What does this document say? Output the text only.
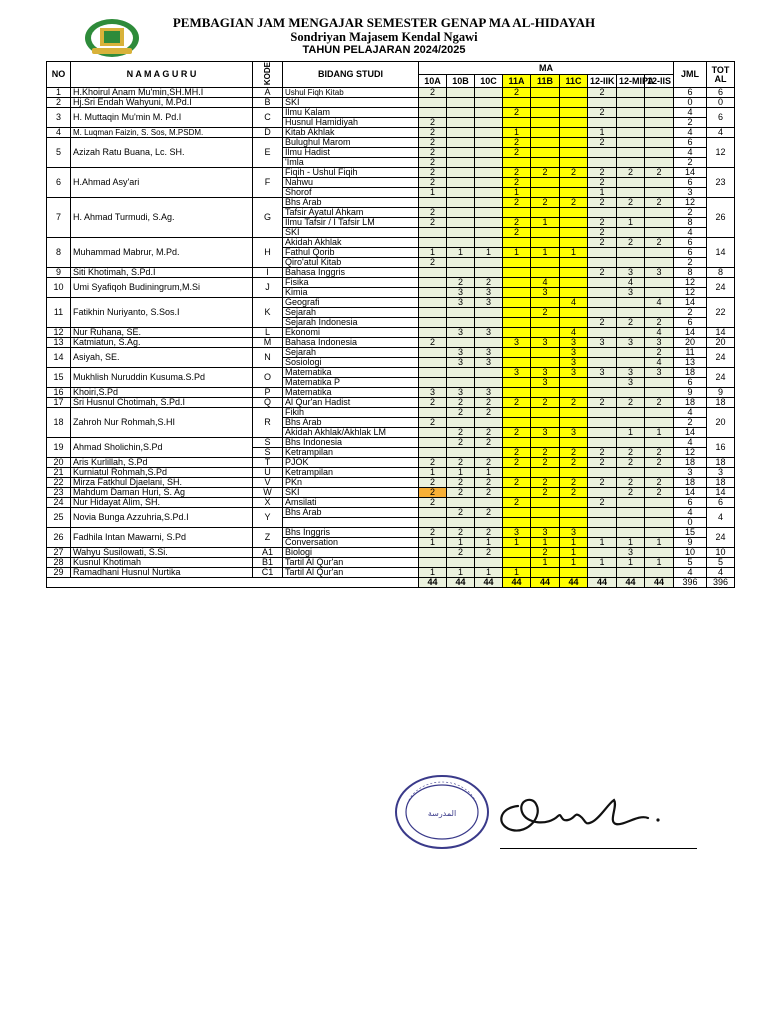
PEMBAGIAN JAM MENGAJAR SEMESTER GENAP MA AL-HIDAYAH
Sondriyan Majasem Kendal Ngawi
TAHUN PELAJARAN 2024/2025
NO	N A M A G U R U	KODE	BIDANG STUDI	MA									JML	TOT AL
				10A	10B	10C	11A	11B	11C	12-IIK	12-MIPA	12-IIS		
1	H.Khoirul Anam Mu'min,SH.MH.I	A	Ushul Fiqh Kitab	2			2			2			6	6
2	Hj.Sri Endah Wahyuni, M.Pd.I	B	SKI										0	0
3	H. Muttaqin Mu'min M. Pd.I	C	Ilmu Kalam				2			2			4	6
			Husnul Hamidiyah	2									2	
4	M. Luqman Faizin, S. Sos, M.PSDM.	D	Kitab Akhlak	2			1			1			4	4
5	Azizah Ratu Buana, Lc. SH.	E	Bulughul Marom	2			2			2			6	12
			Ilmu Hadist	2			2						4	
			'Imla	2									2	
6	H.Ahmad Asy'ari	F	Fiqih - Ushul Fiqih	2			2	2	2	2	2	2	14	23
			Nahwu	2			2			2			6	
			Shorof	1			1			1			3	
7	H. Ahmad Turmudi, S.Ag.	G	Bhs Arab				2	2	2	2	2	2	12	26
			Tafsir Ayatul Ahkam	2									2	
			Ilmu Tafsir / I Tafsir LM	2			2	1		2	1		8	
			SKI				2			2			4	
8	Muhammad Mabrur, M.Pd.	H	Akidah Akhlak							2	2	2	6	14
			Fathul Qorib	1	1	1	1	1	1				6	
			Qiro'atul Kitab	2									2	
9	Siti Khotimah, S.Pd.I	I	Bahasa Inggris							2	3	3	8	8
10	Umi Syafiqoh Budiningrum,M.Si	J	Fisika		2	2		4			4		12	24
			Kimia		3	3		3			3		12	
11	Fatikhin Nuriyanto, S.Sos.I	K	Geografi		3	3			4			4	14	22
			Sejarah					2					2	
			Sejarah Indonesia							2	2	2	6	
12	Nur Ruhana, SE.	L	Ekonomi		3	3			4			4	14	14
13	Katmiatun, S.Ag.	M	Bahasa Indonesia	2			3	3	3	3	3	3	20	20
14	Asiyah, SE.	N	Sejarah		3	3			3			2	11	24
			Sosiologi		3	3			3			4	13	
15	Mukhlish Nuruddin Kusuma.S.Pd	O	Matematika				3	3	3	3	3	3	18	24
			Matematika P					3			3		6	
16	Khoiri,S.Pd	P	Matematika	3	3	3							9	9
17	Sri Husnul Chotimah, S.Pd.I	Q	Al Qur'an Hadist	2	2	2	2	2	2	2	2	2	18	18
18	Zahroh Nur Rohmah,S.HI	R	Fikih		2	2							4	20
			Bhs Arab	2									2	
			Akidah Akhlak/Akhlak LM		2	2	2	3	3		1	1	14	
19	Ahmad Sholichin,S.Pd	S	Bhs Indonesia		2	2							4	16
		S	Ketrampilan				2	2	2	2	2	2	12	
20	Aris Kurlillah, S.Pd	T	PJOK	2	2	2	2	2	2	2	2	2	18	18
21	Kurniatul Rohmah,S.Pd	U	Ketrampilan	1	1	1							3	3
22	Mirza Fatkhul Djaelani, SH.	V	PKn	2	2	2	2	2	2	2	2	2	18	18
23	Mahdum Daman Huri, S. Ag	W	SKI	2	2	2		2	2		2	2	14	14
24	Nur Hidayat Alim, SH.	X	Amsilati	2			2			2			6	6
25	Novia Bunga Azzuhria,S.Pd.I	Y	Bhs Arab		2	2							4	4
													0	
26	Fadhila Intan Mawarni, S.Pd	Z	Bhs Inggris	2	2	2	3	3	3				15	24
			Conversation	1	1	1	1	1	1	1	1	1	9	
27	Wahyu Susilowati, S.Si.	A1	Biologi		2	2		2	1		3		10	10
28	Kusnul Khotimah	B1	Tartil Al Qur'an					1	1	1	1	1	5	5
29	Ramadhani Husnul Nurtika	C1	Tartil Al Qur'an	1	1	1	1						4	4
				44	44	44	44	44	44	44	44	44	396	396
المدرسة
